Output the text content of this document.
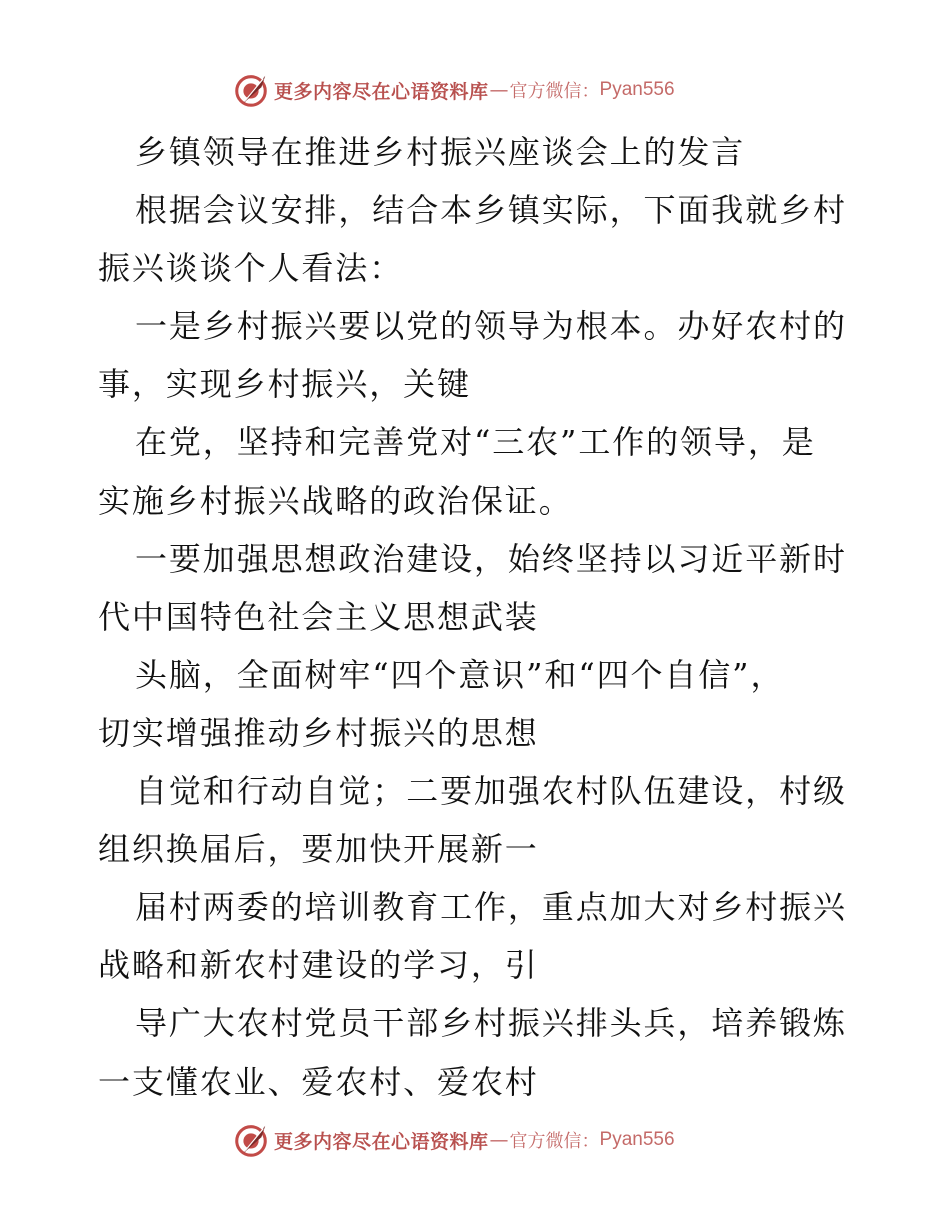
更多内容尽在心语资料库 — 官方微信： Pyan556
乡镇领导在推进乡村振兴座谈会上的发言
根据会议安排，结合本乡镇实际，下面我就乡村
振兴谈谈个人看法：
一是乡村振兴要以党的领导为根本。办好农村的
事，实现乡村振兴，关键
在党，坚持和完善党对“三农”工作的领导，是
实施乡村振兴战略的政治保证。
一要加强思想政治建设，始终坚持以习近平新时
代中国特色社会主义思想武装
头脑，全面树牢“四个意识”和“四个自信”，
切实增强推动乡村振兴的思想
自觉和行动自觉；二要加强农村队伍建设，村级
组织换届后，要加快开展新一
届村两委的培训教育工作，重点加大对乡村振兴
战略和新农村建设的学习，引
导广大农村党员干部乡村振兴排头兵，培养锻炼
一支懂农业、爱农村、爱农村
更多内容尽在心语资料库 — 官方微信： Pyan556
